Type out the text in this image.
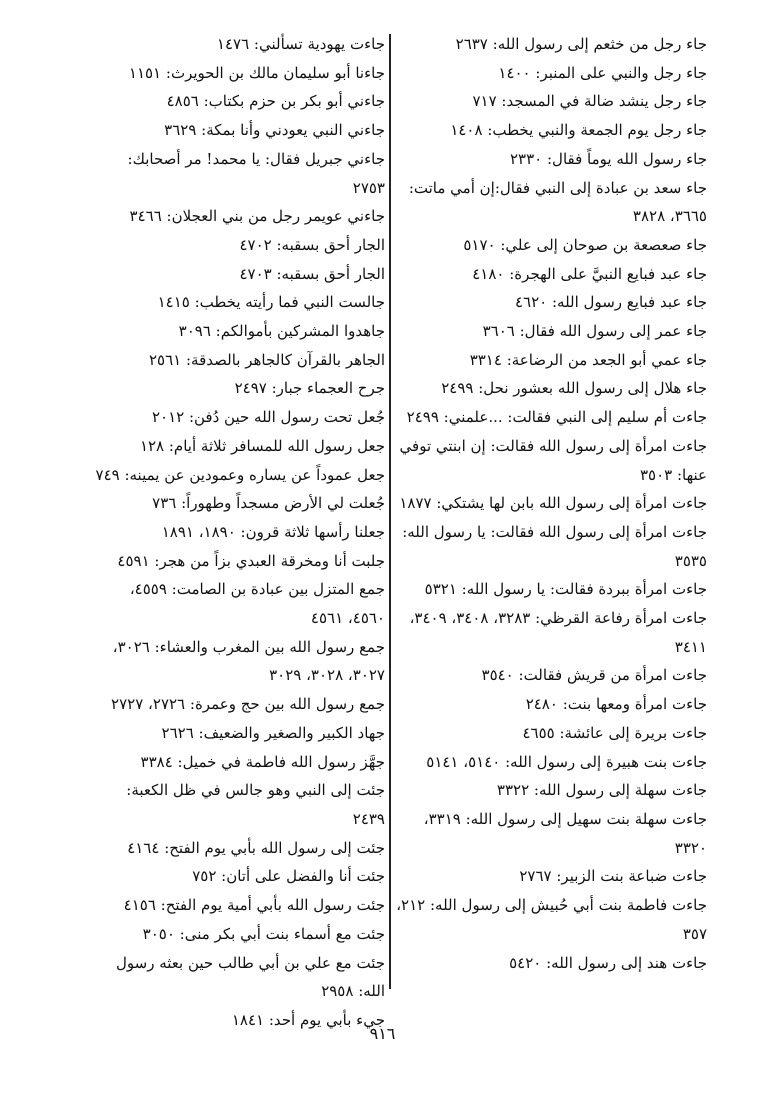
جاء رجل من خثعم إلى رسول الله: ٢٦٣٧
جاء رجل والنبي على المنبر: ١٤٠٠
جاء رجل ينشد ضالة في المسجد: ٧١٧
جاء رجل يوم الجمعة والنبي يخطب: ١٤٠٨
جاء رسول الله يوماً فقال: ٢٣٣٠
جاء سعد بن عبادة إلى النبي فقال:إن أمي ماتت: ٣٦٦٥، ٣٨٢٨
جاء صعصعة بن صوحان إلى علي: ٥١٧٠
جاء عبد فبايع النبيَّ على الهجرة: ٤١٨٠
جاء عبد فبايع رسول الله: ٤٦٢٠
جاء عمر إلى رسول الله فقال: ٣٦٠٦
جاء عمي أبو الجعد من الرضاعة: ٣٣١٤
جاء هلال إلى رسول الله بعشور نحل: ٢٤٩٩
جاءت أم سليم إلى النبي فقالت: ...علمني: ٢٤٩٩
جاءت امرأة إلى رسول الله فقالت: إن ابنتي توفي عنها: ٣٥٠٣
جاءت امرأة إلى رسول الله بابن لها يشتكي: ١٨٧٧
جاءت امرأة إلى رسول الله فقالت: يا رسول الله: ٣٥٣٥
جاءت امرأة ببردة فقالت: يا رسول الله: ٥٣٢١
جاءت امرأة رفاعة القرظي: ٣٢٨٣، ٣٤٠٨، ٣٤٠٩، ٣٤١١
جاءت امرأة من قريش فقالت: ٣٥٤٠
جاءت امرأة ومعها بنت: ٢٤٨٠
جاءت بريرة إلى عائشة: ٤٦٥٥
جاءت بنت هبيرة إلى رسول الله: ٥١٤٠، ٥١٤١
جاءت سهلة إلى رسول الله: ٣٣٢٢
جاءت سهلة بنت سهيل إلى رسول الله: ٣٣١٩، ٣٣٢٠
جاءت ضباعة بنت الزبير: ٢٧٦٧
جاءت فاطمة بنت أبي حُبيش إلى رسول الله: ٢١٢، ٣٥٧
جاءت هند إلى رسول الله: ٥٤٢٠
جاءت يهودية تسألني: ١٤٧٦
جاءنا أبو سليمان مالك بن الحويرث: ١١٥١
جاءني أبو بكر بن حزم بكتاب: ٤٨٥٦
جاءني النبي يعودني وأنا بمكة: ٣٦٢٩
جاءني جبريل فقال: يا محمد! مر أصحابك: ٢٧٥٣
جاءني عويمر رجل من بني العجلان: ٣٤٦٦
الجار أحق بسقبه: ٤٧٠٢
الجار أحق بسقبه: ٤٧٠٣
جالست النبي فما رأيته يخطب: ١٤١٥
جاهدوا المشركين بأموالكم: ٣٠٩٦
الجاهر بالقرآن كالجاهر بالصدقة: ٢٥٦١
جرح العجماء جبار: ٢٤٩٧
جُعل تحت رسول الله حين دُفن: ٢٠١٢
جعل رسول الله للمسافر ثلاثة أيام: ١٢٨
جعل عموداً عن يساره وعمودين عن يمينه: ٧٤٩
جُعلت لي الأرض مسجداً وطهوراً: ٧٣٦
جعلنا رأسها ثلاثة قرون: ١٨٩٠، ١٨٩١
جلبت أنا ومخرقة العبدي بزاً من هجر: ٤٥٩١
جمع المتزل بين عبادة بن الصامت: ٤٥٥٩، ٤٥٦٠، ٤٥٦١
جمع رسول الله بين المغرب والعشاء: ٣٠٢٦، ٣٠٢٧، ٣٠٢٨، ٣٠٢٩
جمع رسول الله بين حج وعمرة: ٢٧٢٦، ٢٧٢٧
جهاد الكبير والصغير والضعيف: ٢٦٢٦
جهَّز رسول الله فاطمة في خميل: ٣٣٨٤
جئت إلى النبي وهو جالس في ظل الكعبة: ٢٤٣٩
جئت إلى رسول الله بأبي يوم الفتح: ٤١٦٤
جئت أنا والفضل على أتان: ٧٥٢
جئت رسول الله بأبي أمية يوم الفتح: ٤١٥٦
جئت مع أسماء بنت أبي بكر منى: ٣٠٥٠
جئت مع علي بن أبي طالب حين بعثه رسول الله: ٢٩٥٨
جيء بأبي يوم أحد: ١٨٤١
٩١٦
